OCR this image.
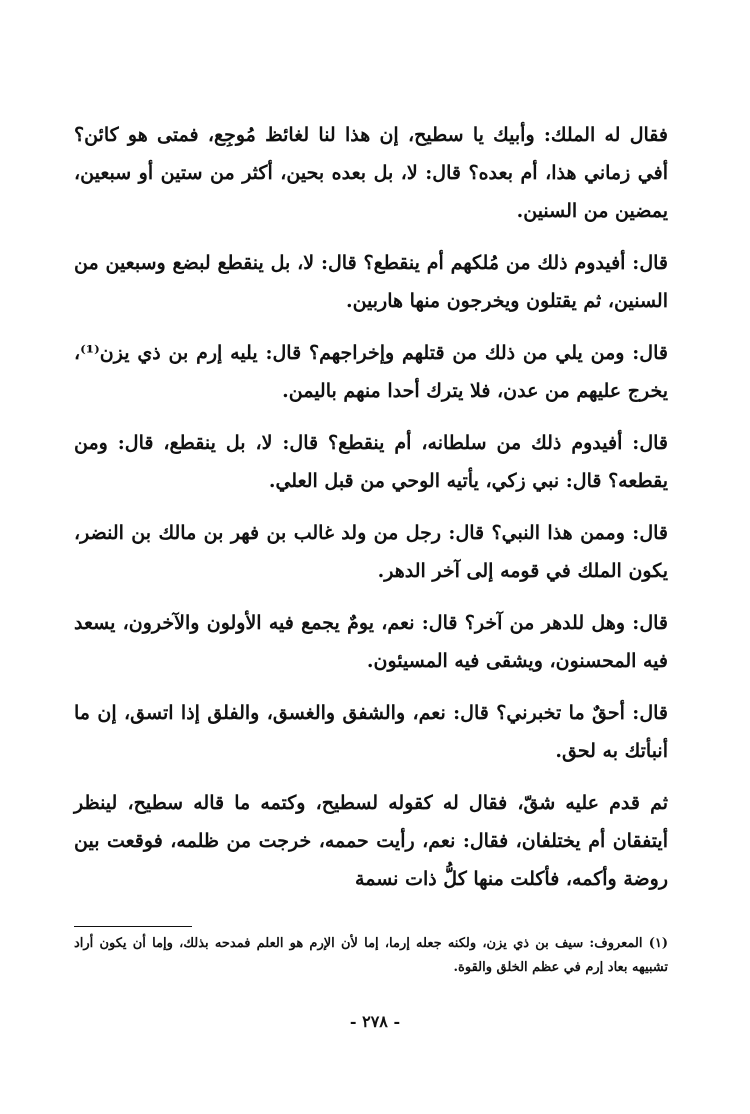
فقال له الملك: وأبيك يا سطيح، إن هذا لنا لغائظ مُوجِع، فمتى هو كائن؟ أفي زماني هذا، أم بعده؟ قال: لا، بل بعده بحين، أكثر من ستين أو سبعين، يمضين من السنين.

قال: أفيدوم ذلك من مُلكهم أم ينقطع؟ قال: لا، بل ينقطع لبضع وسبعين من السنين، ثم يقتلون ويخرجون منها هاربين.

قال: ومن يلي من ذلك من قتلهم وإخراجهم؟ قال: يليه إرم بن ذي يزن⁽¹⁾، يخرج عليهم من عدن، فلا يترك أحدا منهم باليمن.

قال: أفيدوم ذلك من سلطانه، أم ينقطع؟ قال: لا، بل ينقطع، قال: ومن يقطعه؟ قال: نبي زكي، يأتيه الوحي من قبل العلي.

قال: وممن هذا النبي؟ قال: رجل من ولد غالب بن فهر بن مالك بن النضر، يكون الملك في قومه إلى آخر الدهر.

قال: وهل للدهر من آخر؟ قال: نعم، يومٌ يجمع فيه الأولون والآخرون، يسعد فيه المحسنون، ويشقى فيه المسيئون.

قال: أحقٌ ما تخبرني؟ قال: نعم، والشفق والغسق، والفلق إذا اتسق، إن ما أنبأتك به لحق.

ثم قدم عليه شقّ، فقال له كقوله لسطيح، وكتمه ما قاله سطيح، لينظر أيتفقان أم يختلفان، فقال: نعم، رأيت حممه، خرجت من ظلمه، فوقعت بين روضة وأكمه، فأكلت منها كلُّ ذات نسمة

(١) المعروف: سيف بن ذي يزن، ولكنه جعله إرما، إما لأن الإرم هو العلم فمدحه بذلك، وإما أن يكون أراد تشبيهه بعاد إرم في عظم الخلق والقوة.

- ٢٧٨ -
